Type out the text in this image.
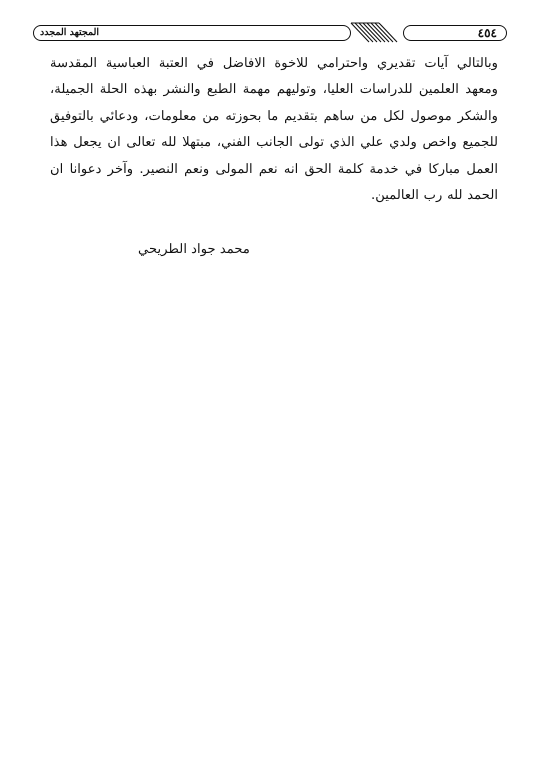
المجتهد المجدد	٤٥٤
وبالتالي آيات تقديري واحترامي للاخوة الافاضل في العتبة العباسية المقدسة ومعهد العلمين للدراسات العليا، وتوليهم مهمة الطبع والنشر بهذه الحلة الجميلة، والشكر موصول لكل من ساهم بتقديم ما بحوزته من معلومات، ودعائي بالتوفيق للجميع واخص ولدي علي الذي تولى الجانب الفني، مبتهلا لله تعالى ان يجعل هذا العمل مباركا في خدمة كلمة الحق انه نعم المولى ونعم النصير. وآخر دعوانا ان الحمد لله رب العالمين.
محمد جواد الطريحي
